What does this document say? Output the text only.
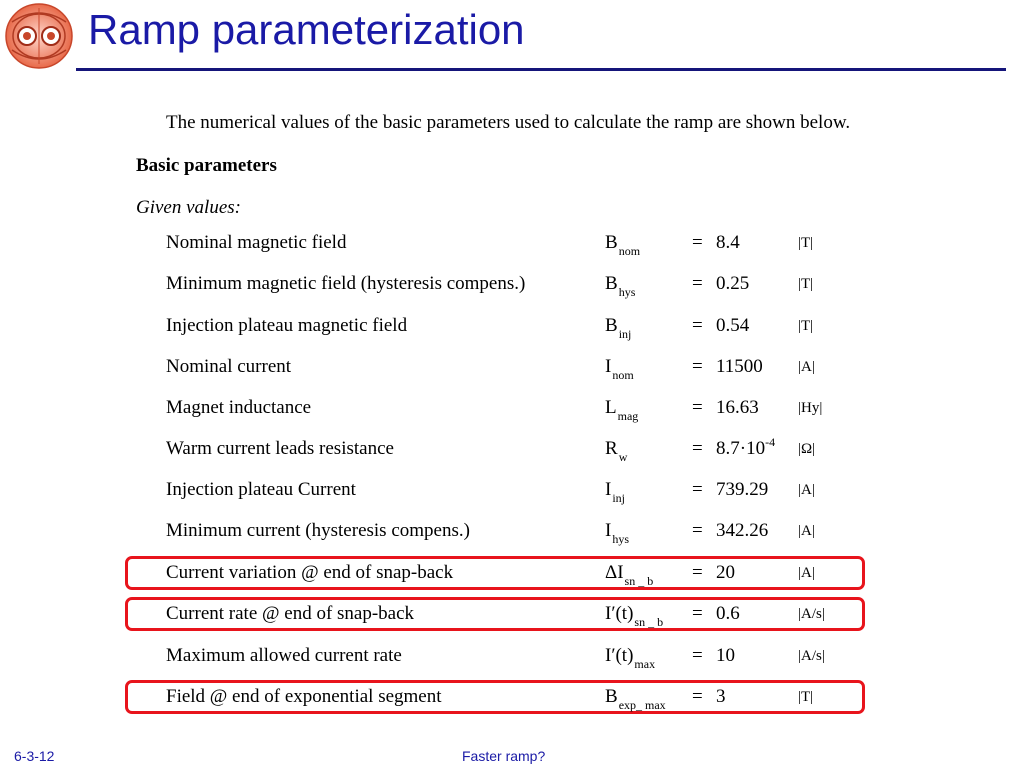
Ramp parameterization
The numerical values of the basic parameters used to calculate the ramp are shown below.
Basic parameters
Given values:
Nominal magnetic field	$B_{nom}$	= 8.4	|T|
Minimum magnetic field (hysteresis compens.)	$B_{hys}$	= 0.25	|T|
Injection plateau magnetic field	$B_{inj}$	= 0.54	|T|
Nominal current	$I_{nom}$	= 11500 |A|
Magnet inductance	$L_{mag}$	= 16.63	|Hy|
Warm current leads resistance	$R_w$	= $8.7\cdot 10^{-4}$ |Ω|
Injection plateau Current	$I_{inj}$	= 739.29 |A|
Minimum current (hysteresis compens.)	$I_{hys}$	= 342.26 |A|
Current variation @ end of snap-back	$\Delta I_{sn \_ b} = 20$	|A|
Current rate @ end of snap-back	$I'(t)_{sn \_ b} = 0.6$	|A/s|
Maximum allowed current rate	$I'(t)_{max} = 10$	|A/s|
Field @ end of exponential segment	$B_{exp\_ max} = 3$	|T|
6-3-12	Faster ramp?
